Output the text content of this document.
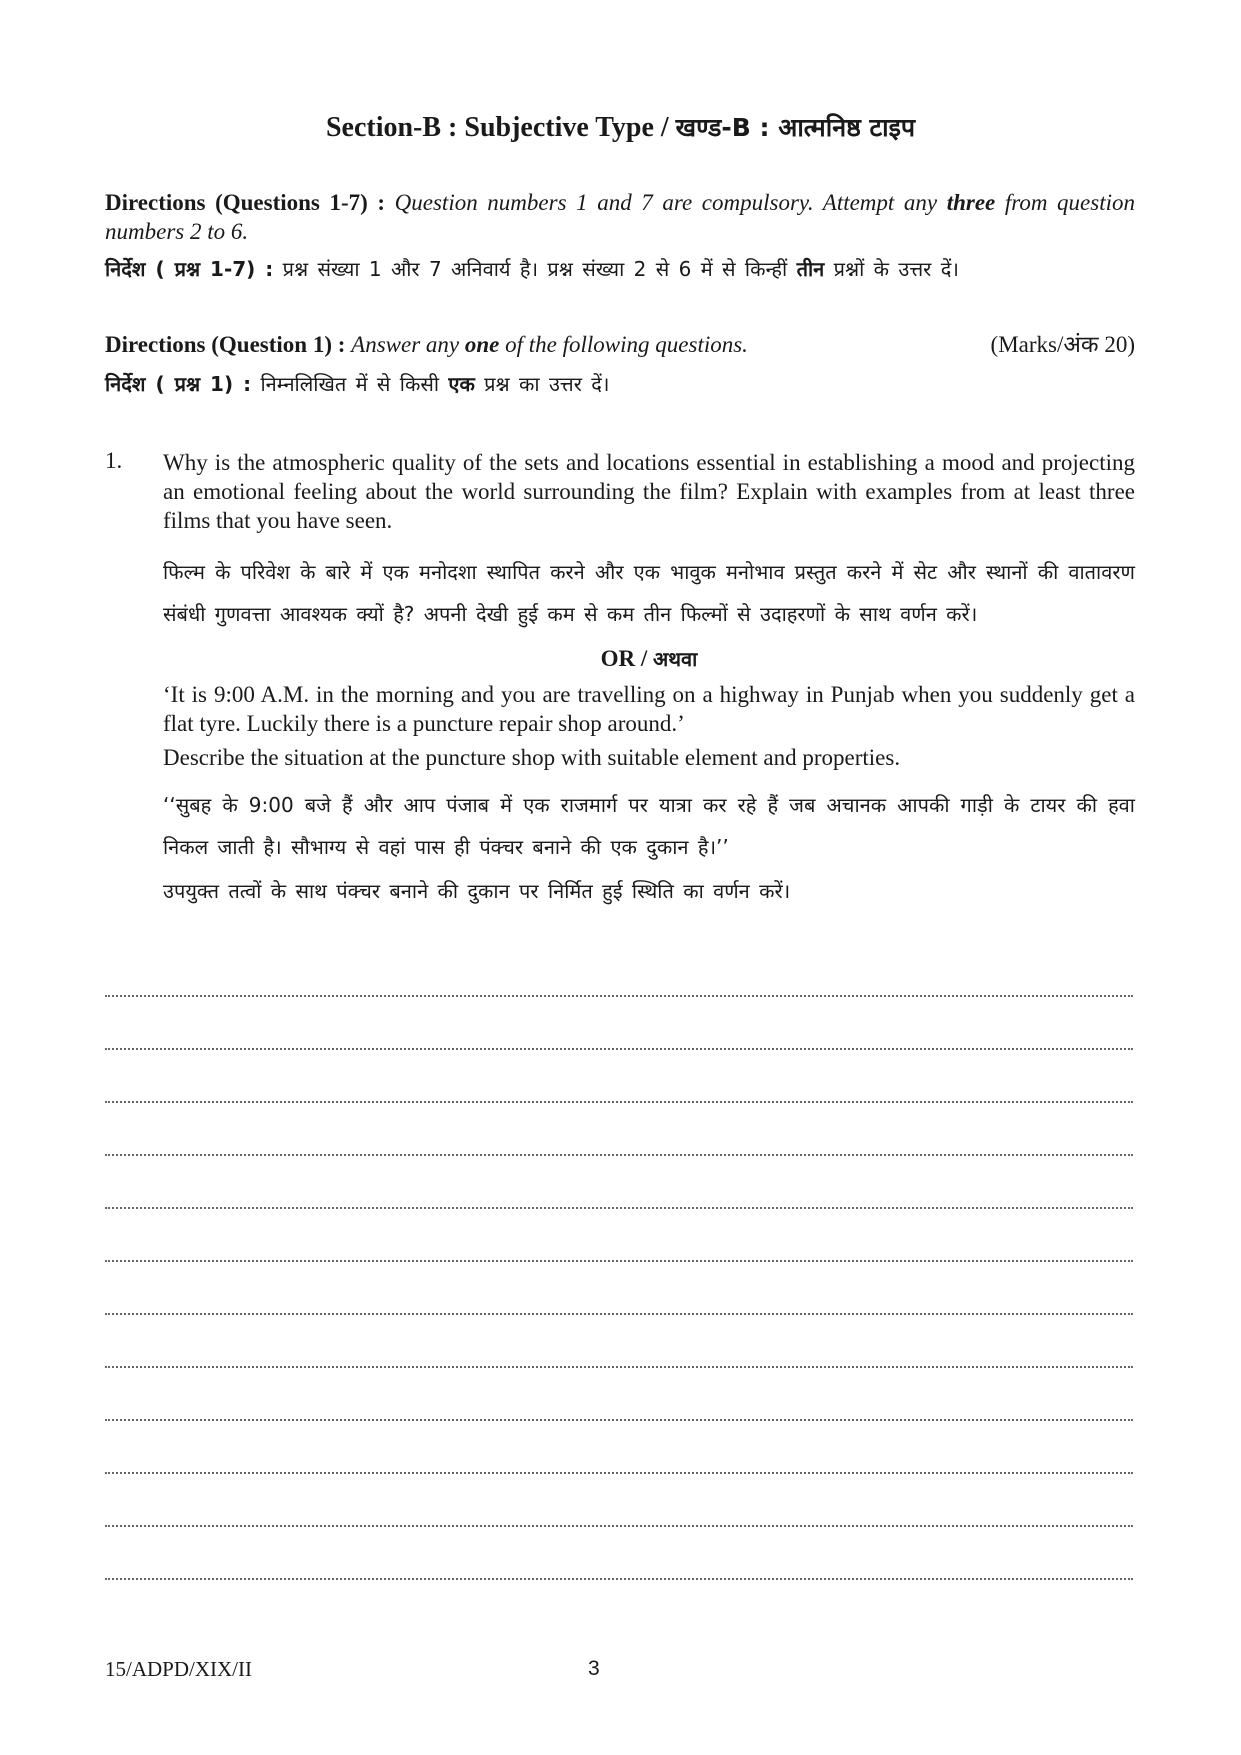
Section-B : Subjective Type / खण्ड-B : आत्मनिष्ठ टाइप
Directions (Questions 1-7) : Question numbers 1 and 7 are compulsory. Attempt any three from question numbers 2 to 6.
निर्देश ( प्रश्न 1-7) : प्रश्न संख्या 1 और 7 अनिवार्य है। प्रश्न संख्या 2 से 6 में से किन्हीं तीन प्रश्नों के उत्तर दें।
Directions (Question 1) : Answer any one of the following questions.	(Marks/अंक 20)
निर्देश ( प्रश्न 1) : निम्नलिखित में से किसी एक प्रश्न का उत्तर दें।
1. Why is the atmospheric quality of the sets and locations essential in establishing a mood and projecting an emotional feeling about the world surrounding the film? Explain with examples from at least three films that you have seen.
फिल्म के परिवेश के बारे में एक मनोदशा स्थापित करने और एक भावुक मनोभाव प्रस्तुत करने में सेट और स्थानों की वातावरण संबंधी गुणवत्ता आवश्यक क्यों है? अपनी देखी हुई कम से कम तीन फिल्मों से उदाहरणों के साथ वर्णन करें।
OR / अथवा
‘It is 9:00 A.M. in the morning and you are travelling on a highway in Punjab when you suddenly get a flat tyre. Luckily there is a puncture repair shop around.’
Describe the situation at the puncture shop with suitable element and properties.
‘‘सुबह के 9:00 बजे हैं और आप पंजाब में एक राजमार्ग पर यात्रा कर रहे हैं जब अचानक आपकी गाड़ी के टायर की हवा निकल जाती है। सौभाग्य से वहां पास ही पंक्चर बनाने की एक दुकान है।’’
उपयुक्त तत्वों के साथ पंक्चर बनाने की दुकान पर निर्मित हुई स्थिति का वर्णन करें।
15/ADPD/XIX/II	3
